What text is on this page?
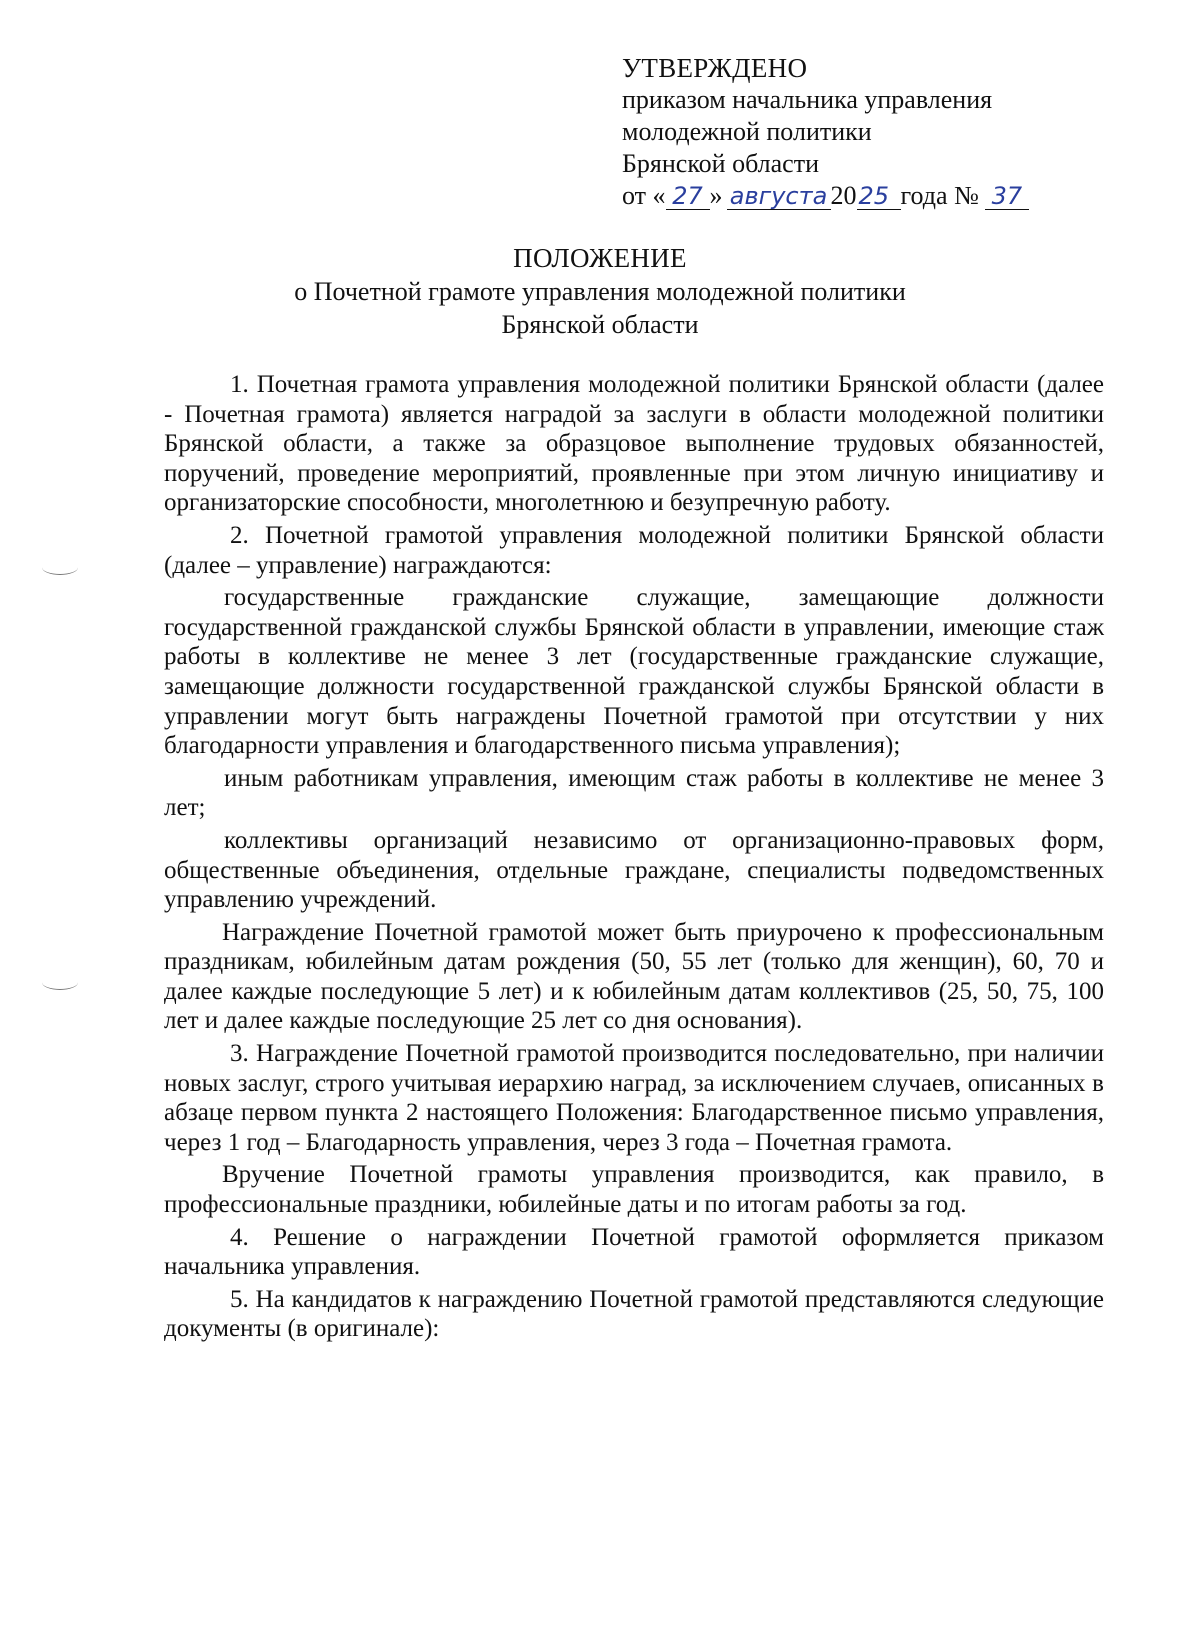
УТВЕРЖДЕНО
приказом начальника управления
молодежной политики
Брянской области
от « 27 » августа 2025 года № 37
ПОЛОЖЕНИЕ
о Почетной грамоте управления молодежной политики
Брянской области

1. Почетная грамота управления молодежной политики Брянской области (далее - Почетная грамота) является наградой за заслуги в области молодежной политики Брянской области, а также за образцовое выполнение трудовых обязанностей, поручений, проведение мероприятий, проявленные при этом личную инициативу и организаторские способности, многолетнюю и безупречную работу.

2. Почетной грамотой управления молодежной политики Брянской области (далее – управление) награждаются:

государственные гражданские служащие, замещающие должности государственной гражданской службы Брянской области в управлении, имеющие стаж работы в коллективе не менее 3 лет (государственные гражданские служащие, замещающие должности государственной гражданской службы Брянской области в управлении могут быть награждены Почетной грамотой при отсутствии у них благодарности управления и благодарственного письма управления);

иным работникам управления, имеющим стаж работы в коллективе не менее 3 лет;

коллективы организаций независимо от организационно-правовых форм, общественные объединения, отдельные граждане, специалисты подведомственных управлению учреждений.

Награждение Почетной грамотой может быть приурочено к профессиональным праздникам, юбилейным датам рождения (50, 55 лет (только для женщин), 60, 70 и далее каждые последующие 5 лет) и к юбилейным датам коллективов (25, 50, 75, 100 лет и далее каждые последующие 25 лет со дня основания).

3. Награждение Почетной грамотой производится последовательно, при наличии новых заслуг, строго учитывая иерархию наград, за исключением случаев, описанных в абзаце первом пункта 2 настоящего Положения: Благодарственное письмо управления, через 1 год – Благодарность управления, через 3 года – Почетная грамота.

Вручение Почетной грамоты управления производится, как правило, в профессиональные праздники, юбилейные даты и по итогам работы за год.

4. Решение о награждении Почетной грамотой оформляется приказом начальника управления.

5. На кандидатов к награждению Почетной грамотой представляются следующие документы (в оригинале):
